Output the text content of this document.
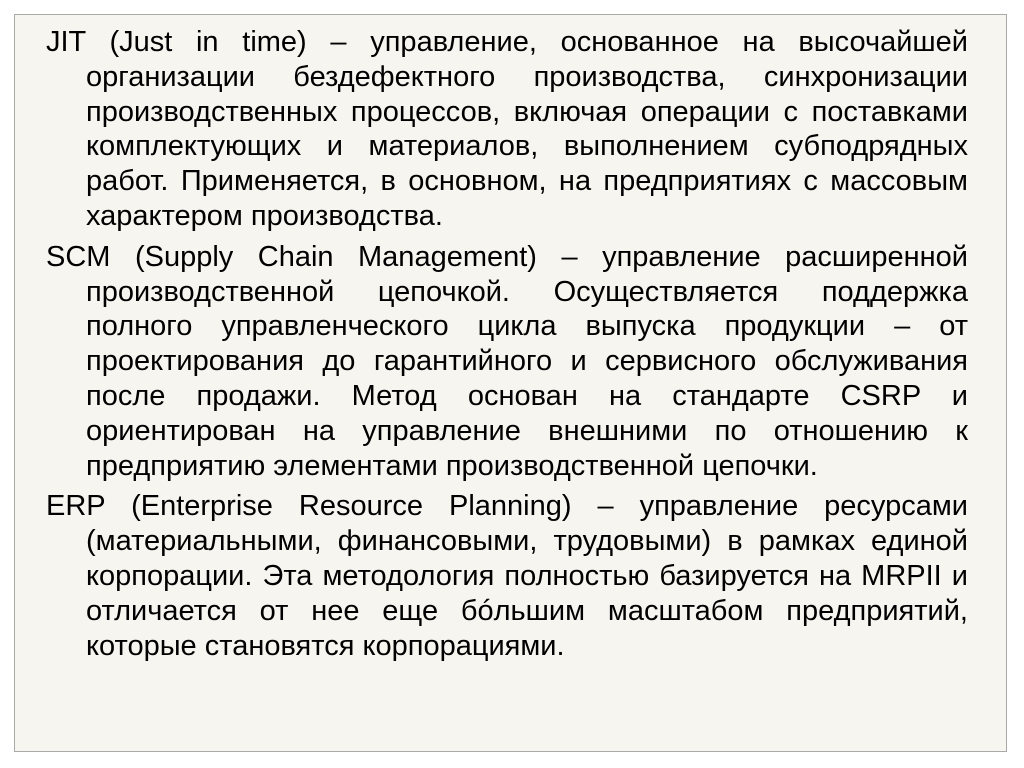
JIT (Just in time) – управление, основанное на высочайшей организации бездефектного производства, синхронизации производственных процессов, включая операции с поставками комплектующих и материалов, выполнением субподрядных работ. Применяется, в основном, на предприятиях с массовым характером производства.

SCM (Supply Chain Management) – управление расширенной производственной цепочкой. Осуществляется поддержка полного управленческого цикла выпуска продукции – от проектирования до гарантийного и сервисного обслуживания после продажи. Метод основан на стандарте CSRP и ориентирован на управление внешними по отношению к предприятию элементами производственной цепочки.

ERP (Enterprise Resource Planning) – управление ресурсами (материальными, финансовыми, трудовыми) в рамках единой корпорации. Эта методология полностью базируется на MRPII и отличается от нее еще бóльшим масштабом предприятий, которые становятся корпорациями.
